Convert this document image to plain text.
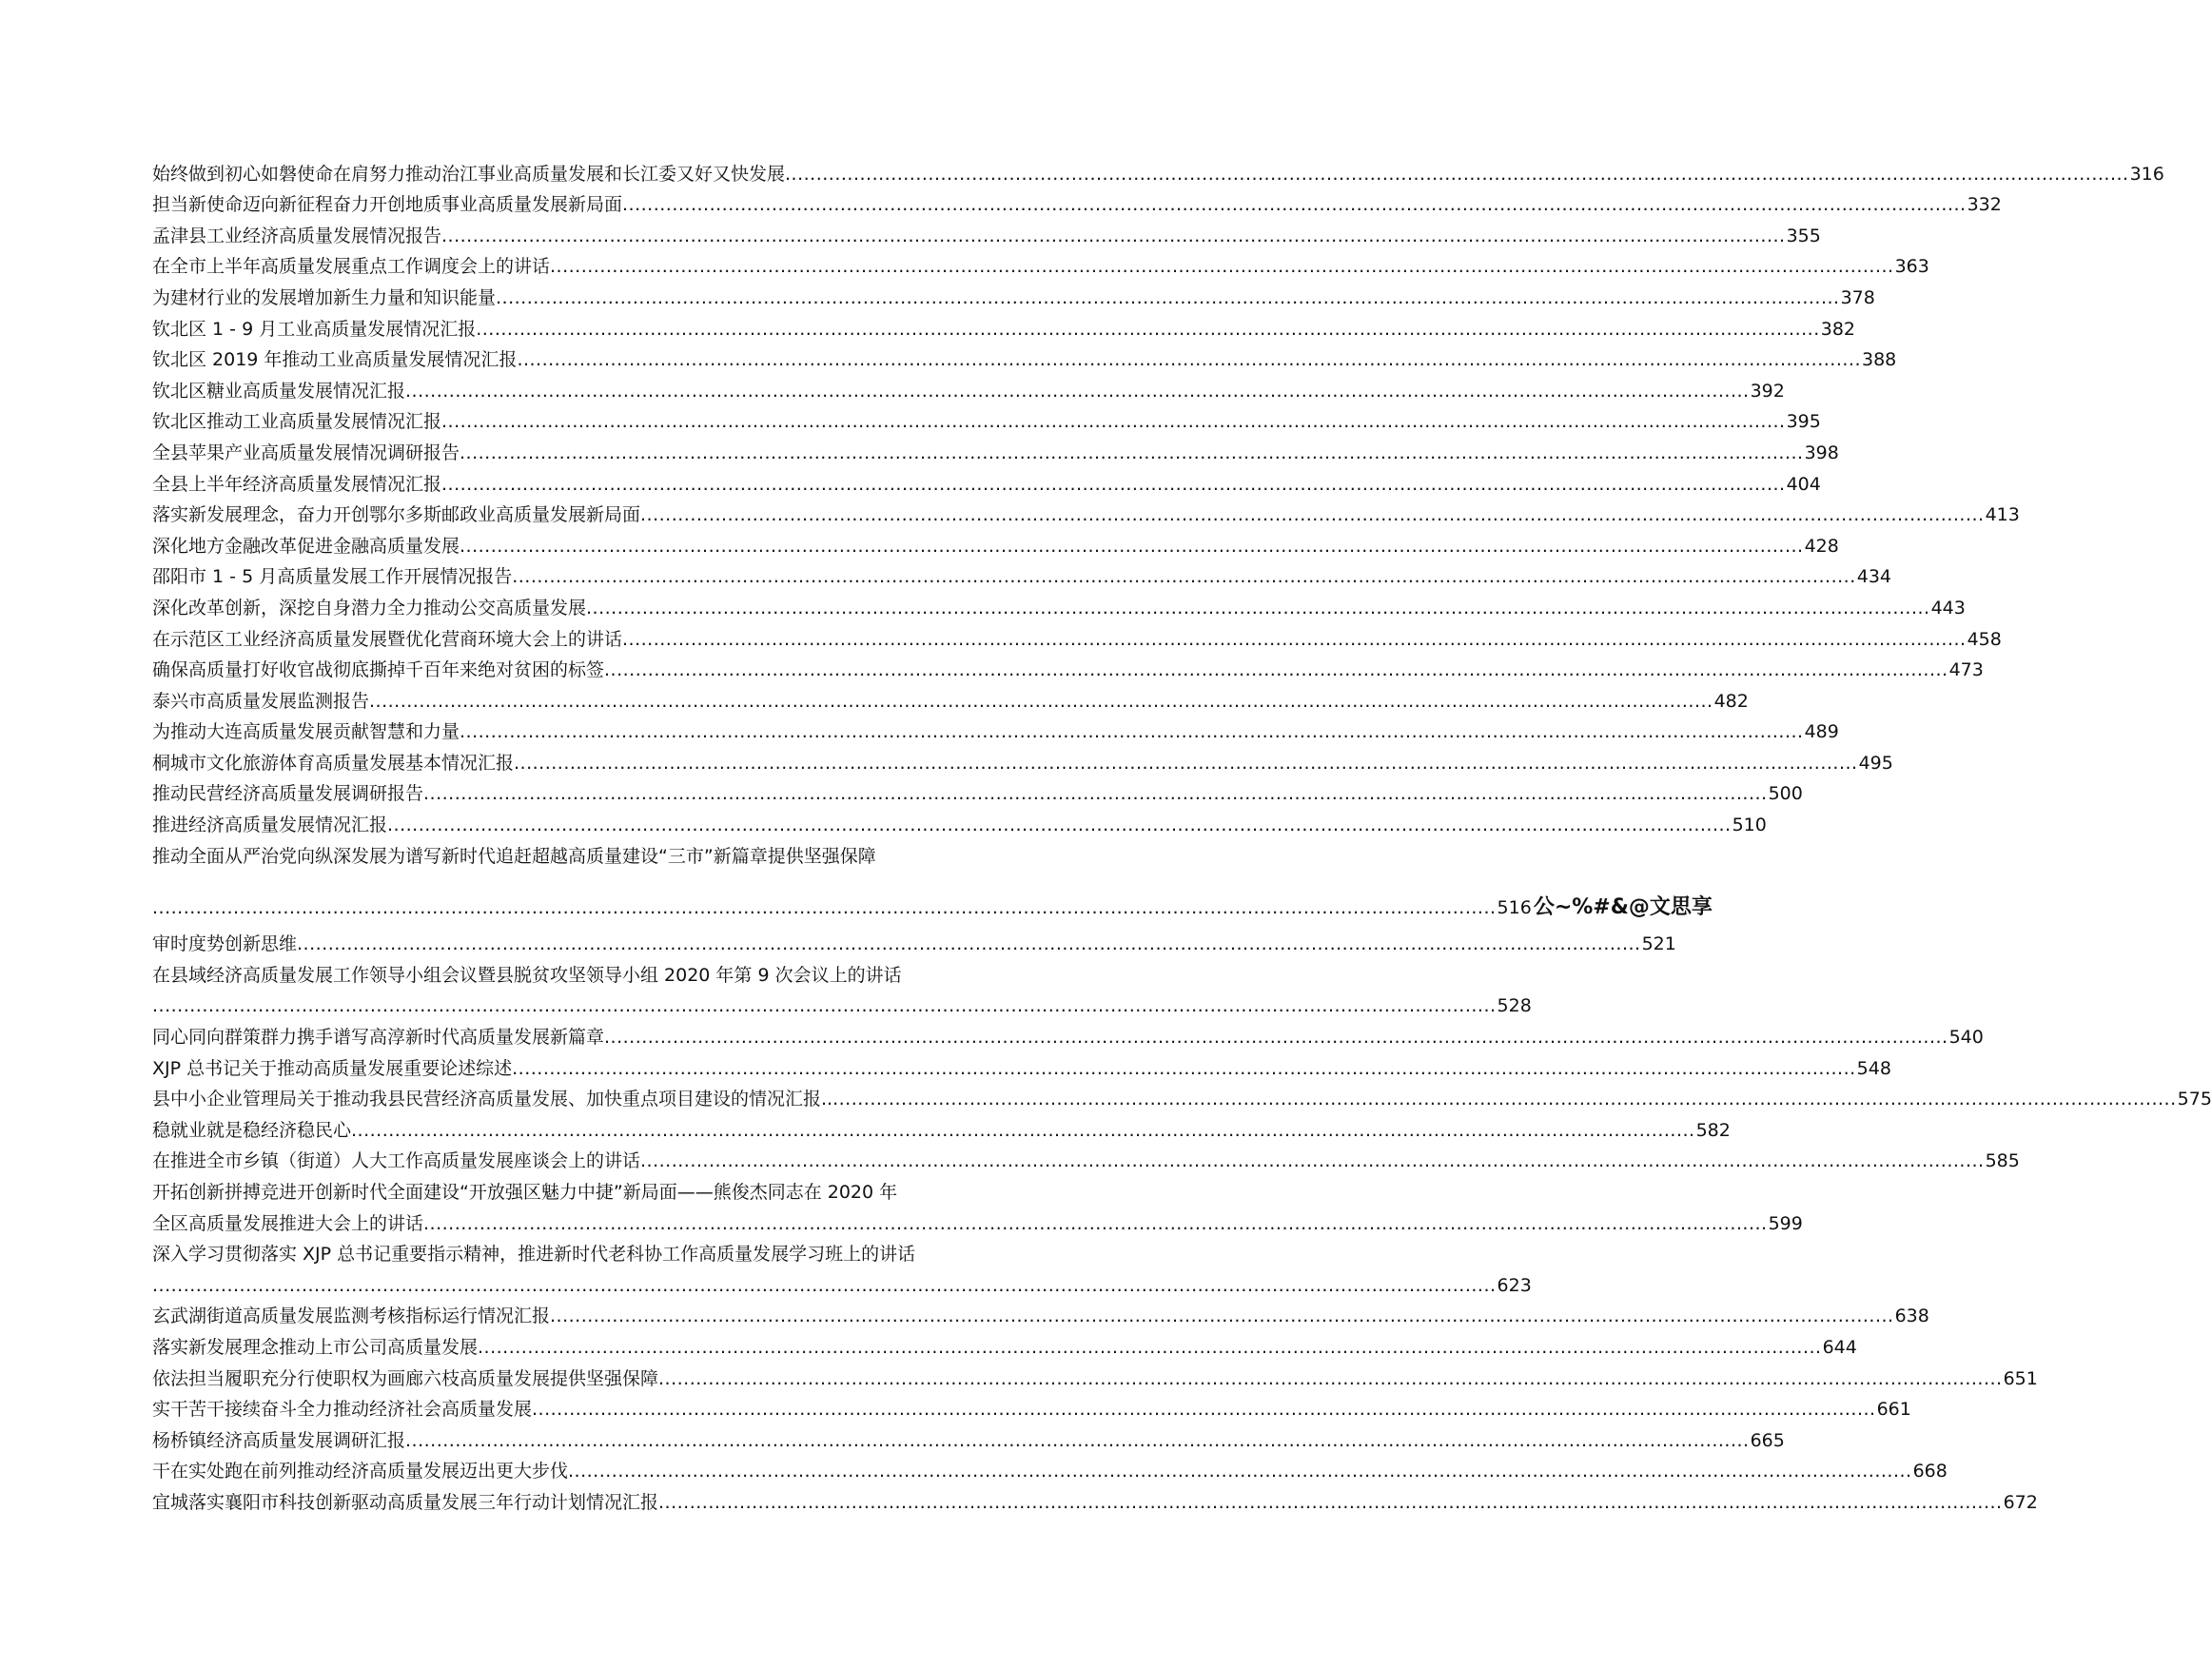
始终做到初心如磐使命在肩努力推动治江事业高质量发展和长江委又好又快发展 ........................................................................................................................................................................................................................ 316
担当新使命迈向新征程奋力开创地质事业高质量发展新局面 ........................................................................................................................................................................................................................ 332
孟津县工业经济高质量发展情况报告 ........................................................................................................................................................................................................................ 355
在全市上半年高质量发展重点工作调度会上的讲话 ........................................................................................................................................................................................................................ 363
为建材行业的发展增加新生力量和知识能量 ........................................................................................................................................................................................................................ 378
钦北区 1 - 9 月工业高质量发展情况汇报 ........................................................................................................................................................................................................................ 382
钦北区 2019 年推动工业高质量发展情况汇报 ........................................................................................................................................................................................................................ 388
钦北区糖业高质量发展情况汇报 ........................................................................................................................................................................................................................ 392
钦北区推动工业高质量发展情况汇报 ........................................................................................................................................................................................................................ 395
全县苹果产业高质量发展情况调研报告 ........................................................................................................................................................................................................................ 398
全县上半年经济高质量发展情况汇报 ........................................................................................................................................................................................................................ 404
落实新发展理念，奋力开创鄂尔多斯邮政业高质量发展新局面 ........................................................................................................................................................................................................................ 413
深化地方金融改革促进金融高质量发展 ........................................................................................................................................................................................................................ 428
邵阳市 1 - 5 月高质量发展工作开展情况报告 ........................................................................................................................................................................................................................ 434
深化改革创新，深挖自身潜力全力推动公交高质量发展 ........................................................................................................................................................................................................................ 443
在示范区工业经济高质量发展暨优化营商环境大会上的讲话 ........................................................................................................................................................................................................................ 458
确保高质量打好收官战彻底撕掉千百年来绝对贫困的标签 ........................................................................................................................................................................................................................ 473
泰兴市高质量发展监测报告 ........................................................................................................................................................................................................................ 482
为推动大连高质量发展贡献智慧和力量 ........................................................................................................................................................................................................................ 489
桐城市文化旅游体育高质量发展基本情况汇报 ........................................................................................................................................................................................................................ 495
推动民营经济高质量发展调研报告 ........................................................................................................................................................................................................................ 500
推进经济高质量发展情况汇报 ........................................................................................................................................................................................................................ 510
推动全面从严治党向纵深发展为谱写新时代追赶超越高质量建设“三市”新篇章提供坚强保障
........................................................................................................................................................................................................................ 516 公~%#&@文思享
审时度势创新思维 ........................................................................................................................................................................................................................ 521
在县域经济高质量发展工作领导小组会议暨县脱贫攻坚领导小组 2020 年第 9 次会议上的讲话
........................................................................................................................................................................................................................ 528
同心同向群策群力携手谱写高淳新时代高质量发展新篇章 ........................................................................................................................................................................................................................ 540
XJP 总书记关于推动高质量发展重要论述综述 ........................................................................................................................................................................................................................ 548
县中小企业管理局关于推动我县民营经济高质量发展、加快重点项目建设的情况汇报.. ........................................................................................................................................................................................................................ 575
稳就业就是稳经济稳民心 ........................................................................................................................................................................................................................ 582
在推进全市乡镇（街道）人大工作高质量发展座谈会上的讲话 ........................................................................................................................................................................................................................ 585
开拓创新拼搏竞进开创新时代全面建设“开放强区魅力中捷”新局面——熊俊杰同志在 2020 年
全区高质量发展推进大会上的讲话 ........................................................................................................................................................................................................................ 599
深入学习贯彻落实 XJP 总书记重要指示精神，推进新时代老科协工作高质量发展学习班上的讲话
........................................................................................................................................................................................................................ 623
玄武湖街道高质量发展监测考核指标运行情况汇报 ........................................................................................................................................................................................................................ 638
落实新发展理念推动上市公司高质量发展 ........................................................................................................................................................................................................................ 644
依法担当履职充分行使职权为画廊六枝高质量发展提供坚强保障 ........................................................................................................................................................................................................................ 651
实干苦干接续奋斗全力推动经济社会高质量发展 ........................................................................................................................................................................................................................ 661
杨桥镇经济高质量发展调研汇报 ........................................................................................................................................................................................................................ 665
干在实处跑在前列推动经济高质量发展迈出更大步伐 ........................................................................................................................................................................................................................ 668
宜城落实襄阳市科技创新驱动高质量发展三年行动计划情况汇报 ........................................................................................................................................................................................................................ 672
